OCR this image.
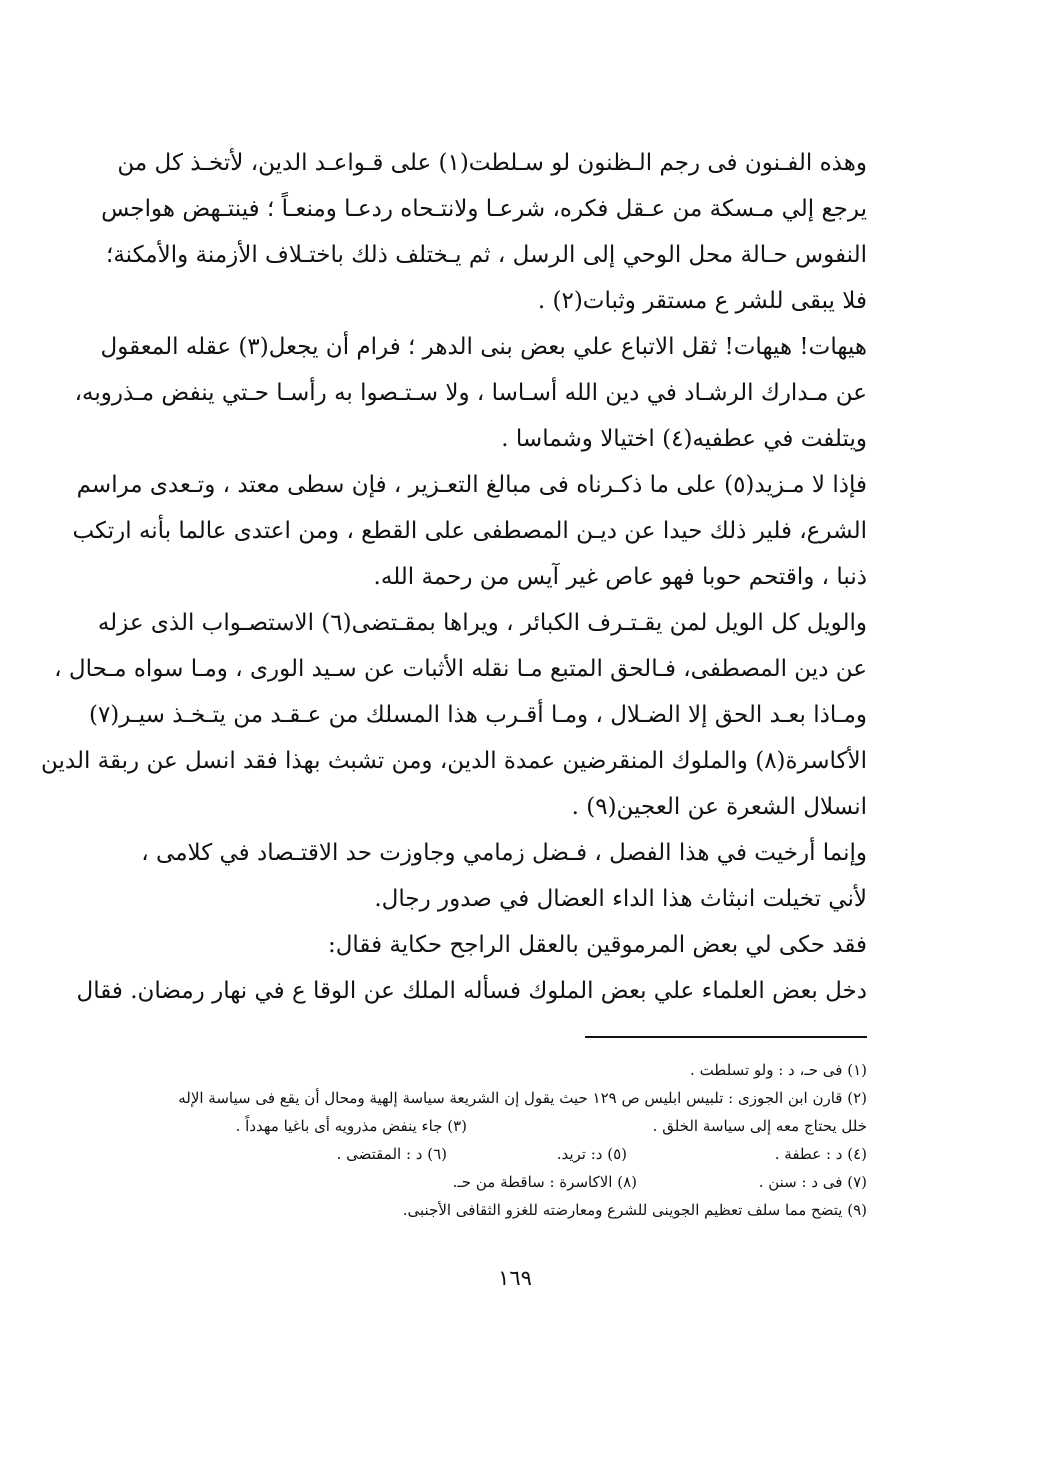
وهذه الفـنون فى رجم الـظنون لو سـلطت(١) على قـواعـد الدين، لأتخـذ كل من
يرجع إلي مـسكة من عـقل فكره، شرعـا ولانتـحاه ردعـا ومنعـاً ؛ فينتـهض هواجس
النفوس حـالة محل الوحي إلى الرسل ، ثم يـختلف ذلك باختـلاف الأزمنة والأمكنة؛
فلا يبقى للشر ع مستقر وثبات(٢) .
هيهات! هيهات! ثقل الاتباع علي بعض بنى الدهر ؛ فرام أن يجعل(٣) عقله المعقول
عن مـدارك الرشـاد في دين الله أسـاسا ، ولا سـتـصوا به رأسـا حـتي ينفض مـذروبه،
ويتلفت في عطفيه(٤) اختيالا وشماسا .
فإذا لا مـزيد(٥) على ما ذكـرناه فى مبالغ التعـزير ، فإن سطى معتد ، وتـعدى مراسم
الشرع، فلير ذلك حيدا عن ديـن المصطفى على القطع ، ومن اعتدى عالما بأنه ارتكب
ذنبا ، واقتحم حوبا فهو عاص غير آيس من رحمة الله.
والويل كل الويل لمن يقـتـرف الكبائر ، ويراها بمقـتضى(٦) الاستصـواب الذى عزله
عن دين المصطفى، فـالحق المتبع مـا نقله الأثبات عن سـيد الورى ، ومـا سواه مـحال ،
ومـاذا بعـد الحق إلا الضـلال ، ومـا أقـرب هذا المسلك من عـقـد من يتـخـذ سيـر(٧)
الأكاسرة(٨) والملوك المنقرضين عمدة الدين، ومن تشبث بهذا فقد انسل عن ربقة الدين
انسلال الشعرة عن العجين(٩) .
وإنما أرخيت في هذا الفصل ، فـضل زمامي وجاوزت حد الاقتـصاد في كلامى ،
لأني تخيلت انبثاث هذا الداء العضال في صدور رجال.
فقد حكى لي بعض المرموقين بالعقل الراجح حكاية فقال:
دخل بعض العلماء علي بعض الملوك فسأله الملك عن الوقا ع في نهار رمضان. فقال
(١) فى حـ، د : ولو تسلطت .
(٢) قارن ابن الجوزى : تلبيس ابليس ص ١٢٩ حيث يقول إن الشريعة سياسة إلهية ومحال أن يقع فى سياسة الإله
خلل يحتاج معه إلى سياسة الخلق .
(٣) جاء ينفض مذرويه أى باغيا مهدداً .
(٤) د : عطفة .
(٥) د: تريد.
(٦) د : المقتضى .
(٧) فى د : سنن .
(٨) الاكاسرة : ساقطة من حـ.
(٩) يتضح مما سلف تعظيم الجوينى للشرع ومعارضته للغزو الثقافى الأجنبى.
١٦٩
